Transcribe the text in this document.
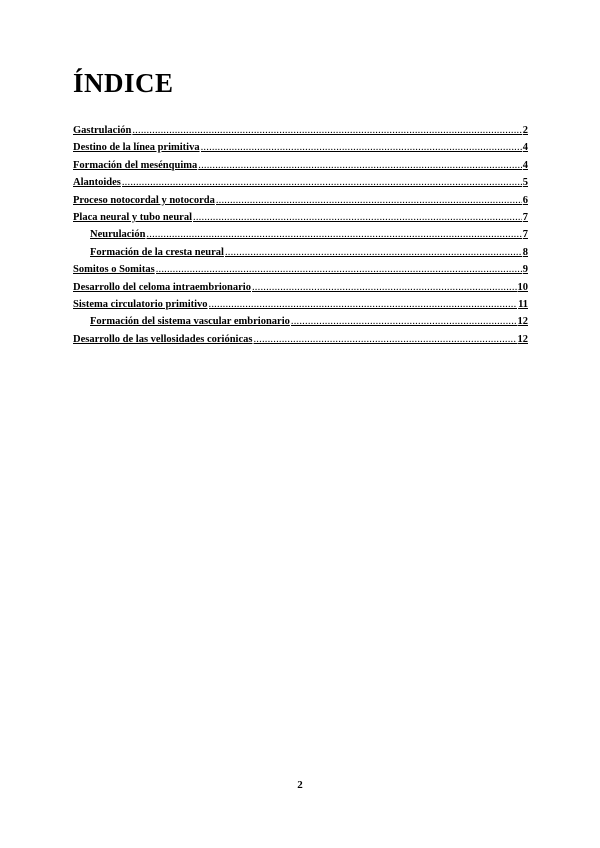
ÍNDICE
Gastrulación .....	2
Destino de la línea primitiva .....	4
Formación del mesénquima .....	4
Alantoides .....	5
Proceso notocordal y notocorda .....	6
Placa neural y tubo neural .....	7
Neurulación .....	7
Formación de la cresta neural .....	8
Somitos o Somitas .....	9
Desarrollo del celoma intraembrionario .....	10
Sistema circulatorio primitivo .....	11
Formación del sistema vascular embrionario .....	12
Desarrollo de las vellosidades coriónicas .....	12
2
